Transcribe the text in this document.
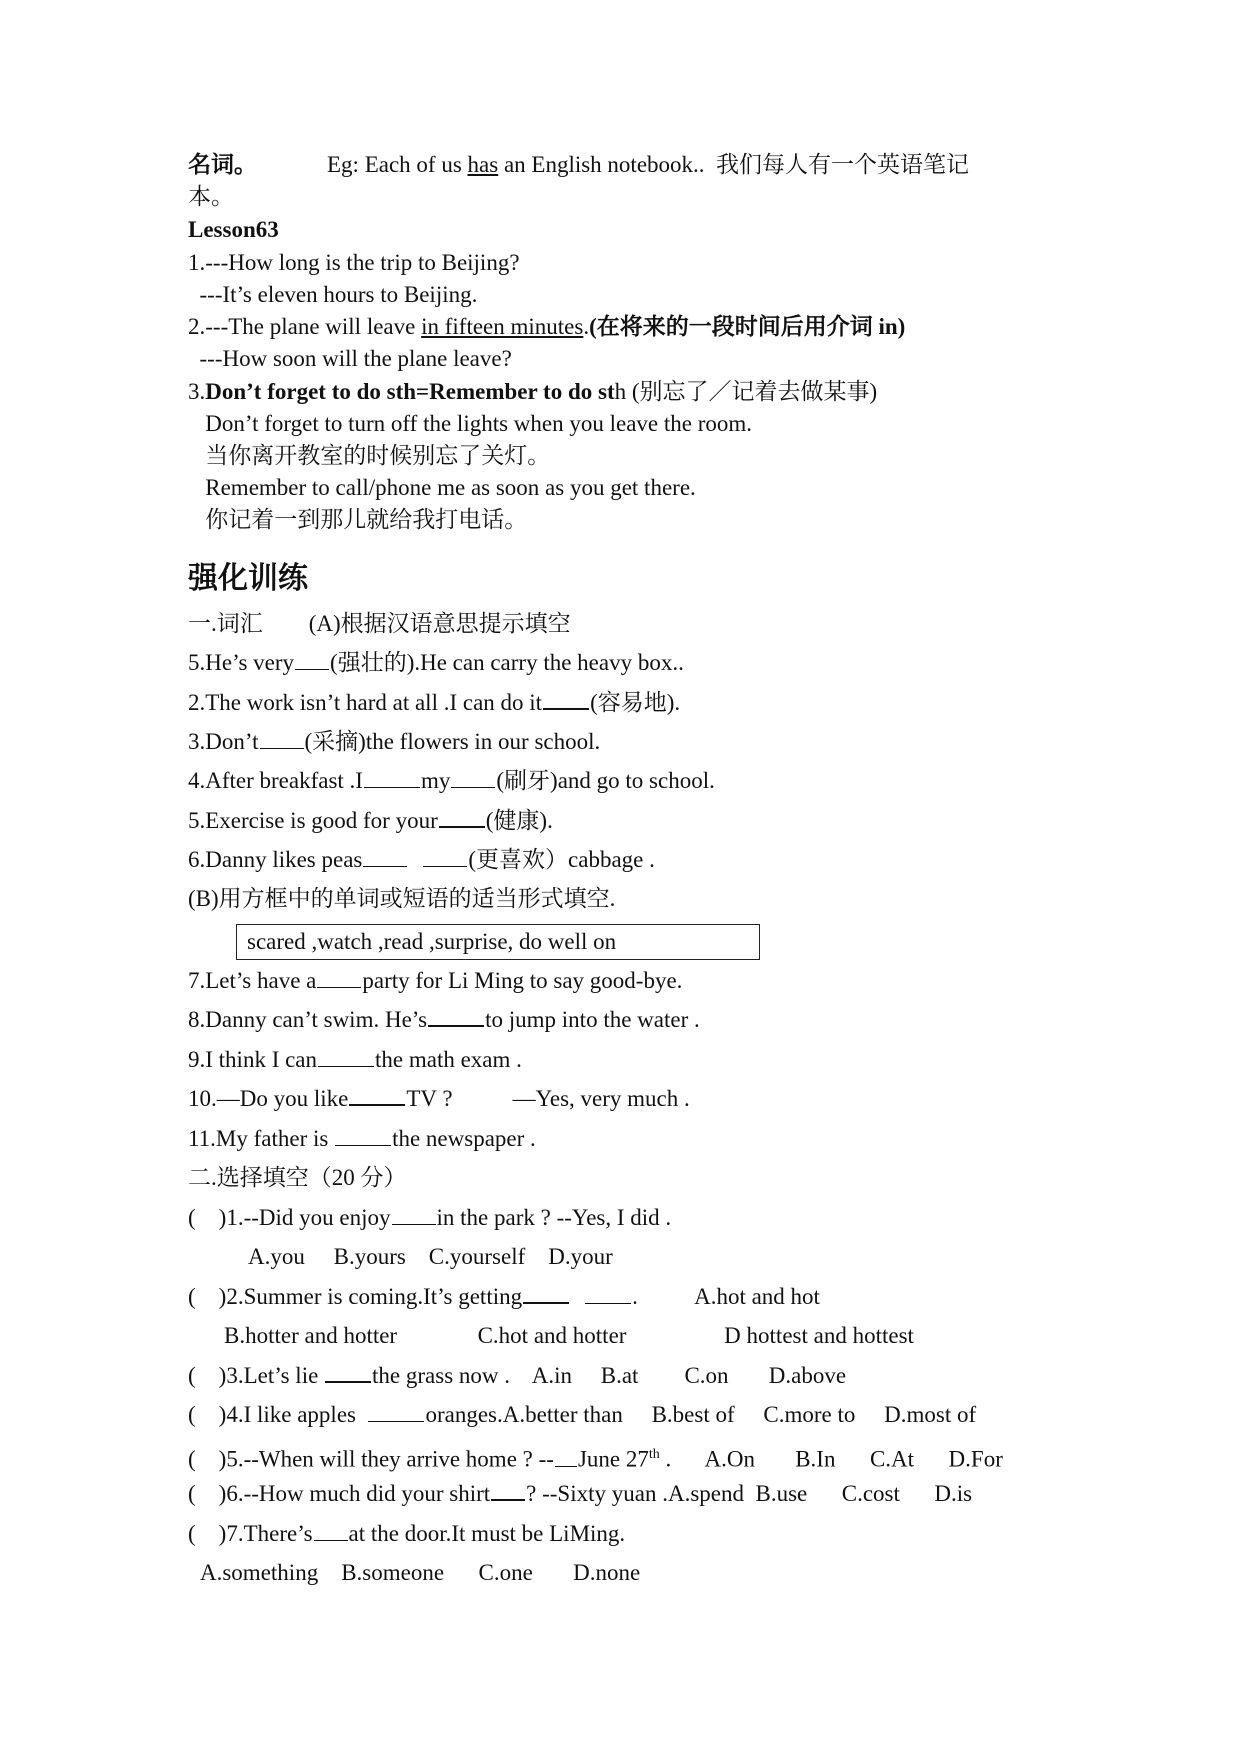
名词。	Eg: Each of us has an English notebook..  我们每人有一个英语笔记
本。
Lesson63
1.---How long is the trip to Beijing?
---It’s eleven hours to Beijing.
2.---The plane will leave in fifteen minutes.(在将来的一段时间后用介词 in)
---How soon will the plane leave?
3.Don’t forget to do sth=Remember to do sth (别忘了／记着去做某事)
Don’t forget to turn off the lights when you leave the room.
当你离开教室的时候别忘了关灯。
Remember to call/phone me as soon as you get there.
你记着一到那儿就给我打电话。
强化训练
一.词汇        (A)根据汉语意思提示填空
5.He’s very (强壮的).He can carry the heavy box..
2.The work isn’t hard at all .I can do it (容易地).
3.Don’t (采摘)the flowers in our school.
4.After breakfast .I	my (刷牙)and go to school.
5.Exercise is good for your (健康).
6.Danny likes peas	(更喜欢）cabbage .
(B)用方框中的单词或短语的适当形式填空.
scared ,watch ,read ,surprise, do well on
7.Let’s have a party for Li Ming to say good-bye.
8.Danny can’t swim. He’s	to jump into the water .
9.I think I can	the math exam .
10.—Do you like	TV ?	—Yes, very much .
11.My father is	the newspaper .
二.选择填空（20 分）
(    )1.--Did you enjoy in the park ? --Yes, I did .
A.you     B.yours    C.yourself    D.your
(    )2.Summer is coming.It’s getting	.          A.hot and hot
B.hotter and hotter              C.hot and hotter                 D hottest and hottest
(    )3.Let’s lie the grass now .    A.in     B.at        C.on       D.above
(    )4.I like apples	oranges.A.better than     B.best of     C.more to     D.most of
(    )5.--When will they arrive home ? -- June 27th .      A.On       B.In      C.At      D.For
(    )6.--How much did your shirt ? --Sixty yuan .A.spend  B.use      C.cost      D.is
(    )7.There’s at the door.It must be LiMing.
A.something    B.someone      C.one       D.none
